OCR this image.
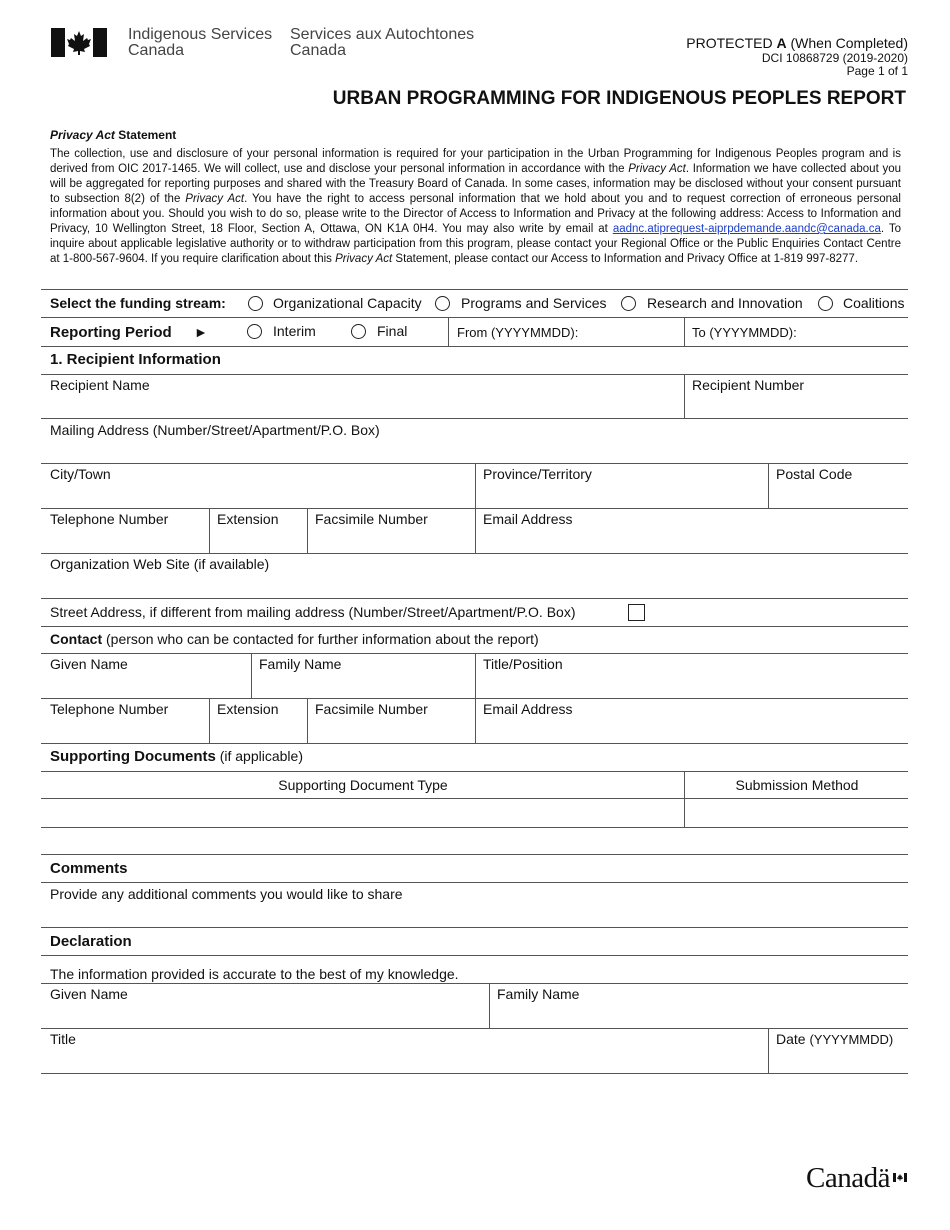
Indigenous Services
Canada
Services aux Autochtones
Canada	PROTECTED A (When Completed)
DCI 10868729 (2019-2020)
Page 1 of 1
URBAN PROGRAMMING FOR INDIGENOUS PEOPLES REPORT
Privacy Act Statement
The collection, use and disclosure of your personal information is required for your participation in the Urban Programming for Indigenous Peoples program and is derived from OIC 2017-1465. We will collect, use and disclose your personal information in accordance with the Privacy Act. Information we have collected about you will be aggregated for reporting purposes and shared with the Treasury Board of Canada. In some cases, information may be disclosed without your consent pursuant to subsection 8(2) of the Privacy Act. You have the right to access personal information that we hold about you and to request correction of erroneous personal information about you. Should you wish to do so, please write to the Director of Access to Information and Privacy at the following address: Access to Information and Privacy, 10 Wellington Street, 18 Floor, Section A, Ottawa, ON K1A 0H4. You may also write by email at aadnc.atiprequest-aiprpdemande.aandc@canada.ca. To inquire about applicable legislative authority or to withdraw participation from this program, please contact your Regional Office or the Public Enquiries Contact Centre at 1-800-567-9604. If you require clarification about this Privacy Act Statement, please contact our Access to Information and Privacy Office at 1-819 997-8277.
Select the funding stream:	Organizational Capacity	Programs and Services	Research and Innovation	Coalitions
Reporting Period ►	Interim	Final	From (YYYYMMDD):	To (YYYYMMDD):
1. Recipient Information
Recipient Name	Recipient Number
Mailing Address (Number/Street/Apartment/P.O. Box)
City/Town	Province/Territory	Postal Code
Telephone Number	Extension	Facsimile Number	Email Address
Organization Web Site (if available)
Street Address, if different from mailing address (Number/Street/Apartment/P.O. Box)
Contact (person who can be contacted for further information about the report)
Given Name	Family Name	Title/Position
Telephone Number	Extension	Facsimile Number	Email Address
Supporting Documents (if applicable)
Supporting Document Type	Submission Method
Comments
Provide any additional comments you would like to share
Declaration
The information provided is accurate to the best of my knowledge.
Given Name	Family Name
Title	Date (YYYYMMDD)
Canadä
